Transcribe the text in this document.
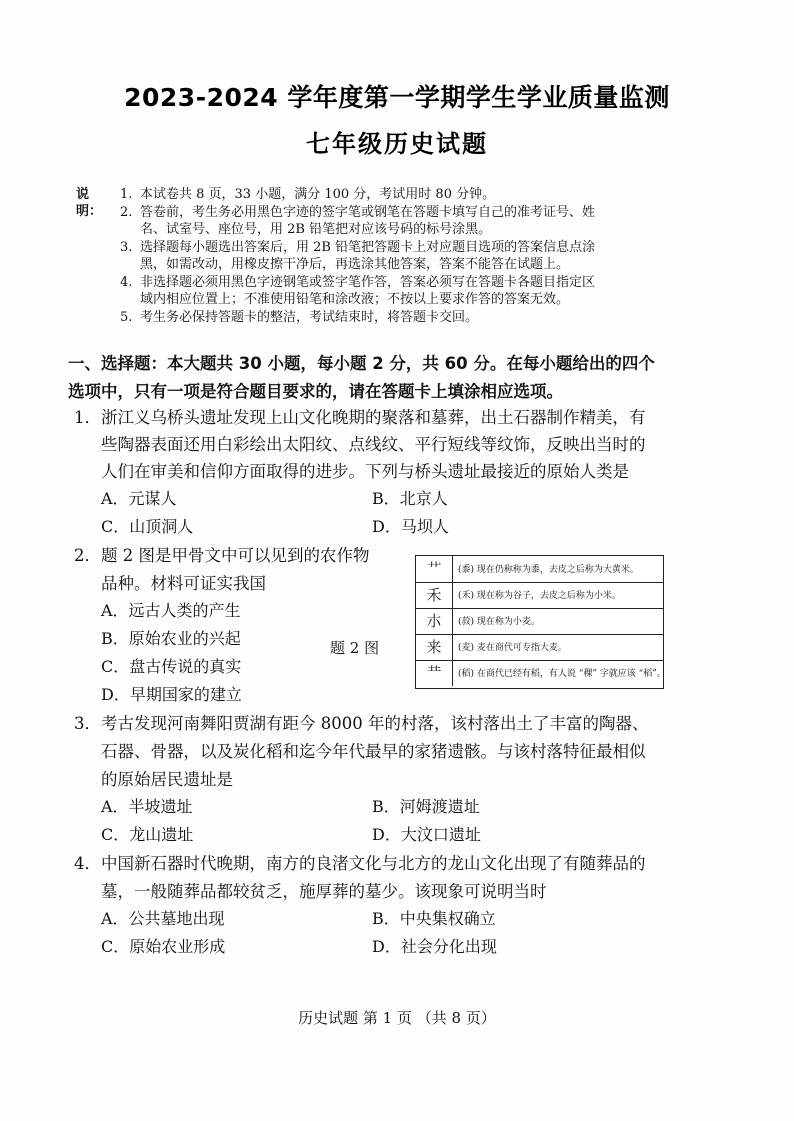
2023-2024 学年度第一学期学生学业质量监测
七年级历史试题
说明：
1. 本试卷共 8 页，33 小题，满分 100 分，考试用时 80 分钟。
2. 答卷前，考生务必用黑色字迹的签字笔或钢笔在答题卡填写自己的准考证号、姓
名、试室号、座位号，用 2B 铅笔把对应该号码的标号涂黑。
3. 选择题每小题选出答案后，用 2B 铅笔把答题卡上对应题目选项的答案信息点涂
黑，如需改动，用橡皮擦干净后，再选涂其他答案，答案不能答在试题上。
4. 非选择题必须用黑色字迹钢笔或签字笔作答，答案必须写在答题卡各题目指定区
域内相应位置上；不准使用铅笔和涂改液；不按以上要求作答的答案无效。
5. 考生务必保持答题卡的整洁，考试结束时，将答题卡交回。
一、选择题：本大题共 30 小题，每小题 2 分，共 60 分。在每小题给出的四个
选项中，只有一项是符合题目要求的，请在答题卡上填涂相应选项。
1．浙江义乌桥头遗址发现上山文化晚期的聚落和墓葬，出土石器制作精美，有
些陶器表面还用白彩绘出太阳纹、点线纹、平行短线等纹饰，反映出当时的
人们在审美和信仰方面取得的进步。下列与桥头遗址最接近的原始人类是
A．元谋人	B．北京人
C．山顶洞人	D．马坝人
2．题 2 图是甲骨文中可以见到的农作物
品种。材料可证实我国
A．远古人类的产生
B．原始农业的兴起
C．盘古传说的真实
D．早期国家的建立
题 2 图
⺾	(黍) 现在仍称称为黍，去皮之后称为大黄米。
禾	(禾) 现在称为谷子，去皮之后称为小米。
朩	(菽) 现在称为小麦。
来	(麦) 麦在商代可专指大麦。
龷	(稻) 在商代已经有稻，有人说 “稞” 字就应该 “稻”。
3．考古发现河南舞阳贾湖有距今 8000 年的村落，该村落出土了丰富的陶器、
石器、骨器，以及炭化稻和迄今年代最早的家猪遗骸。与该村落特征最相似
的原始居民遗址是
A．半坡遗址	B．河姆渡遗址
C．龙山遗址	D．大汶口遗址
4．中国新石器时代晚期，南方的良渚文化与北方的龙山文化出现了有随葬品的
墓，一般随葬品都较贫乏，施厚葬的墓少。该现象可说明当时
A．公共墓地出现	B．中央集权确立
C．原始农业形成	D．社会分化出现
历史试题 第 1 页 （共 8 页）
